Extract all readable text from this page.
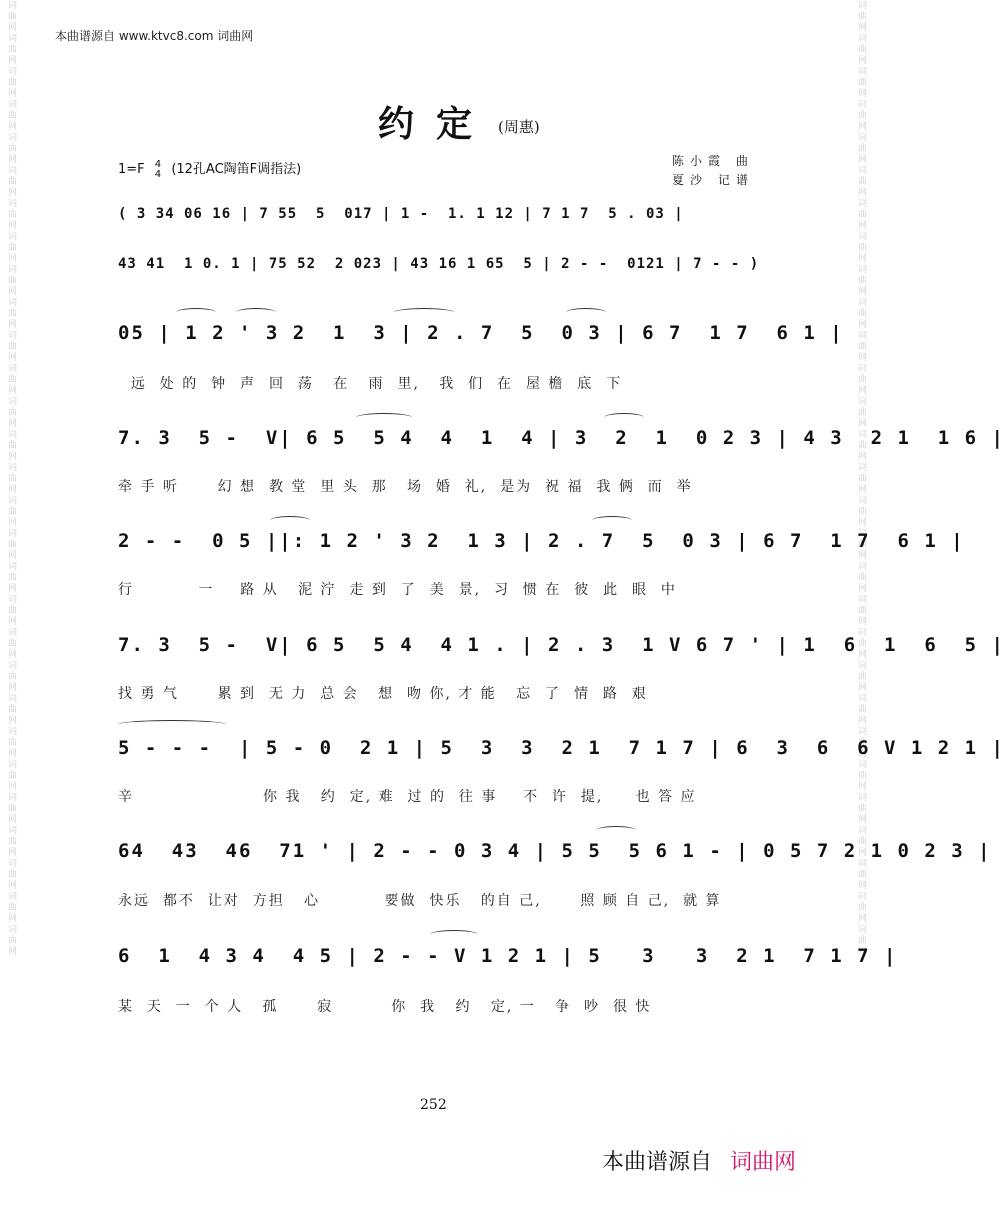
词曲网词曲网词曲网词曲网词曲网词曲网词曲网词曲网词曲网词曲网词曲网词曲网词曲网词曲网词曲网词曲网词曲网词曲网词曲网词曲网词曲网词曲网词曲网词曲网词曲网词曲网词曲网词曲网词曲网	词曲网词曲网词曲网词曲网词曲网词曲网词曲网词曲网词曲网词曲网词曲网词曲网词曲网词曲网词曲网词曲网词曲网词曲网词曲网词曲网词曲网词曲网词曲网词曲网词曲网词曲网词曲网词曲网词曲网
本曲谱源自 www.ktvc8.com 词曲网
约定 (周惠)
1=F 4
4 (12孔AC陶笛F调指法)
陈小霞 曲
夏沙 记谱
( 3 34 06 16 | 7 55  5  017 | 1 -  1. 1 12 | 7 1 7  5 . 03 |
43 41  1 0. 1 | 75 52  2 023 | 43 16 1 65  5 | 2 - -  0121 | 7 - - )
05 | 1 2 ' 3 2  1  3 | 2 . 7  5  0 3 | 6 7  1 7  6 1 |
远  处 的  钟  声  回  荡   在   雨  里,   我  们  在  屋 檐  底  下
7. 3  5 -  V| 6 5  5 4  4  1  4 | 3  2  1  0 2 3 | 4 3  2 1  1 6 |
牵 手 听      幻 想  教 堂  里 头  那   场  婚  礼,  是为  祝 福  我 俩  而  举
2 - -  0 5 ||: 1 2 ' 3 2  1 3 | 2 . 7  5  0 3 | 6 7  1 7  6 1 |
行          一    路 从   泥 泞  走 到  了  美  景,  习  惯 在  彼  此  眼  中
7. 3  5 -  V| 6 5  5 4  4 1 . | 2 . 3  1 V 6 7 ' | 1  6  1  6  5 |
找 勇 气      累 到  无 力  总 会   想  吻 你, 才 能   忘  了  情  路  艰
5 - - -  | 5 - 0  2 1 | 5  3  3  2 1  7 1 7 | 6  3  6  6 V 1 2 1 |
辛                    你 我   约  定, 难  过 的  往 事    不  许  提,     也 答 应
64  43  46  71 ' | 2 - - 0 3 4 | 5 5  5 6 1 - | 0 5 7 2 1 0 2 3 |
永远  都不  让对  方担   心          要做  快乐   的自 己,      照 顾 自 己,  就 算
6  1  4 3 4  4 5 | 2 - - V 1 2 1 | 5   3   3  2 1  7 1 7 |
某  天  一  个 人   孤      寂         你  我   约   定, 一   争  吵  很 快
252
本曲谱源自 词曲网
